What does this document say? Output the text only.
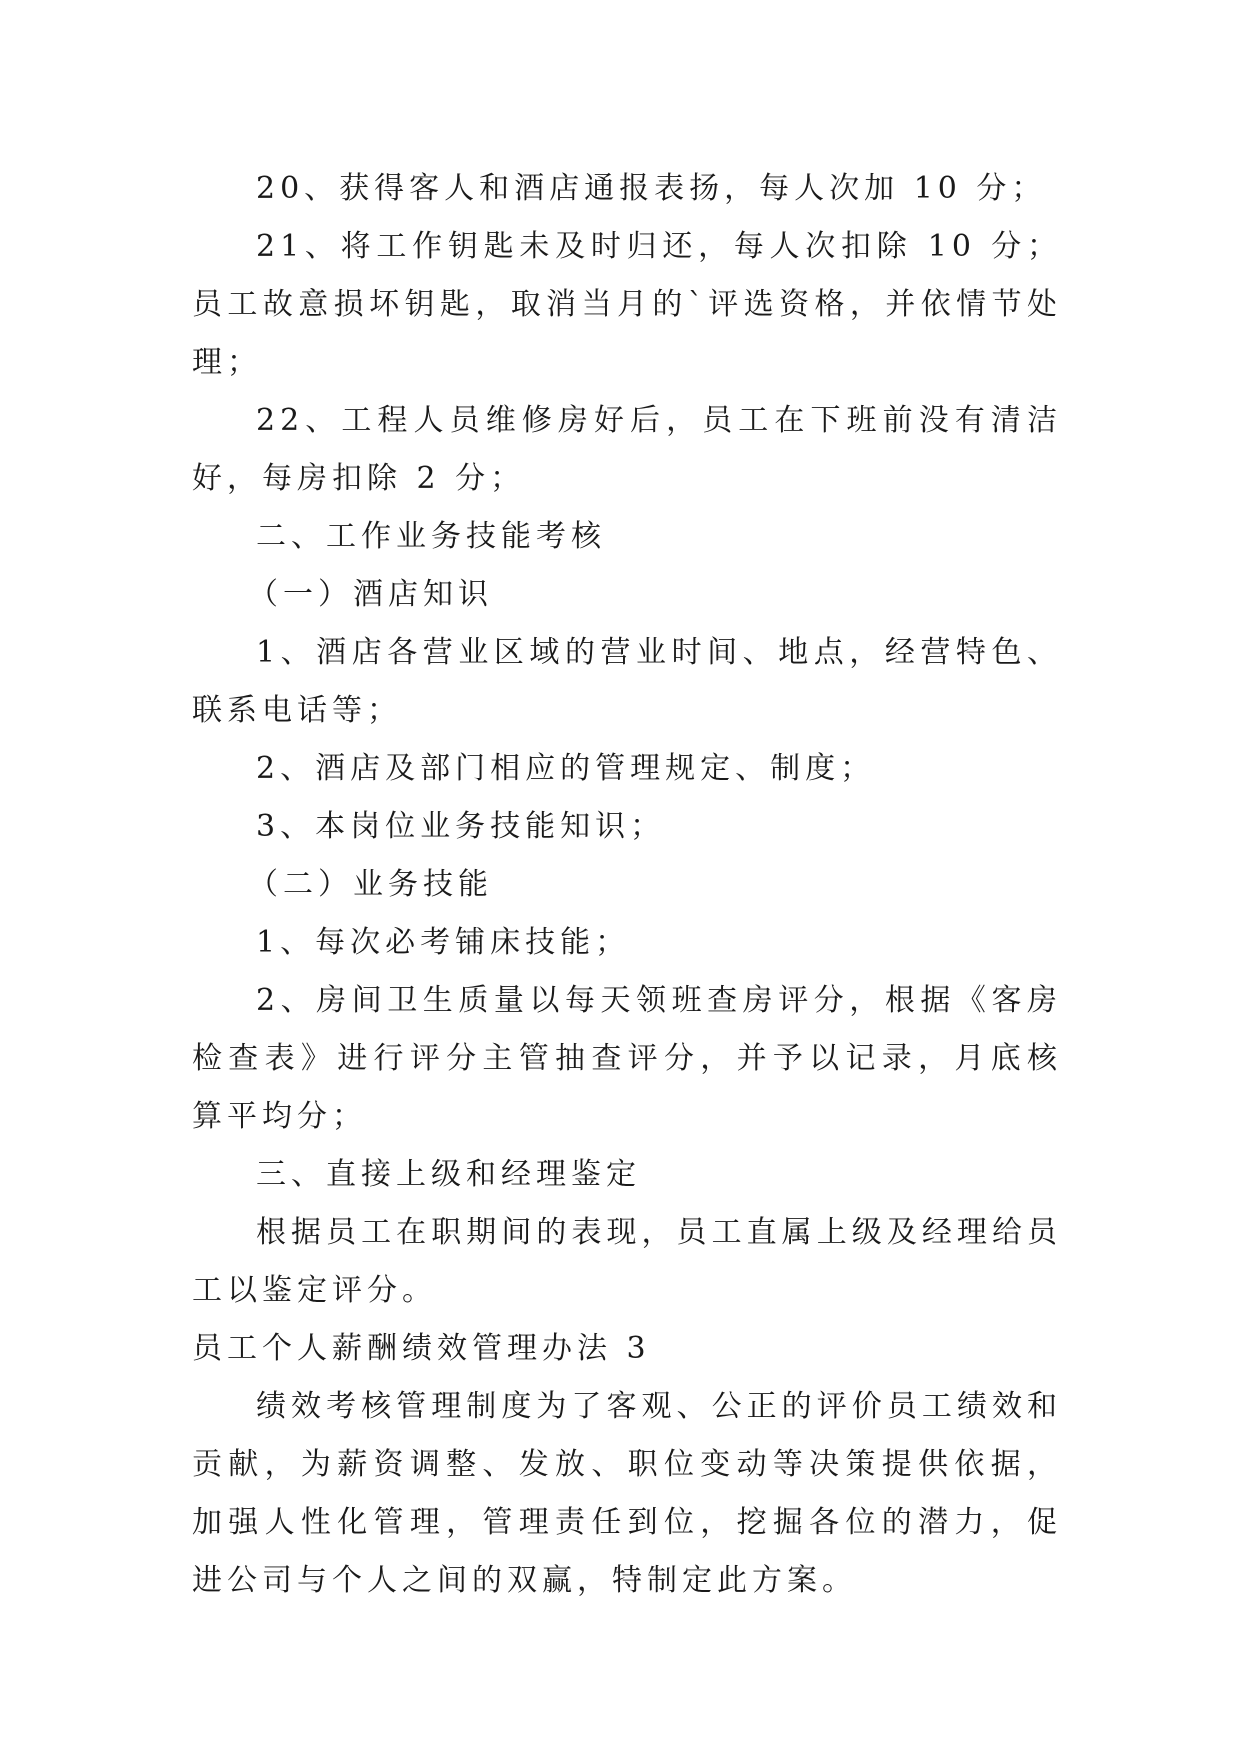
20、获得客人和酒店通报表扬，每人次加 10 分；

21、将工作钥匙未及时归还，每人次扣除 10 分；员工故意损坏钥匙，取消当月的`评选资格，并依情节处理；

22、工程人员维修房好后，员工在下班前没有清洁好，每房扣除 2 分；

二、工作业务技能考核

（一）酒店知识

1、酒店各营业区域的营业时间、地点，经营特色、联系电话等；

2、酒店及部门相应的管理规定、制度；

3、本岗位业务技能知识；

（二）业务技能

1、每次必考铺床技能；

2、房间卫生质量以每天领班查房评分，根据《客房检查表》进行评分主管抽查评分，并予以记录，月底核算平均分；

三、直接上级和经理鉴定

根据员工在职期间的表现，员工直属上级及经理给员工以鉴定评分。

员工个人薪酬绩效管理办法 3

绩效考核管理制度为了客观、公正的评价员工绩效和贡献，为薪资调整、发放、职位变动等决策提供依据，加强人性化管理，管理责任到位，挖掘各位的潜力，促进公司与个人之间的双赢，特制定此方案。
